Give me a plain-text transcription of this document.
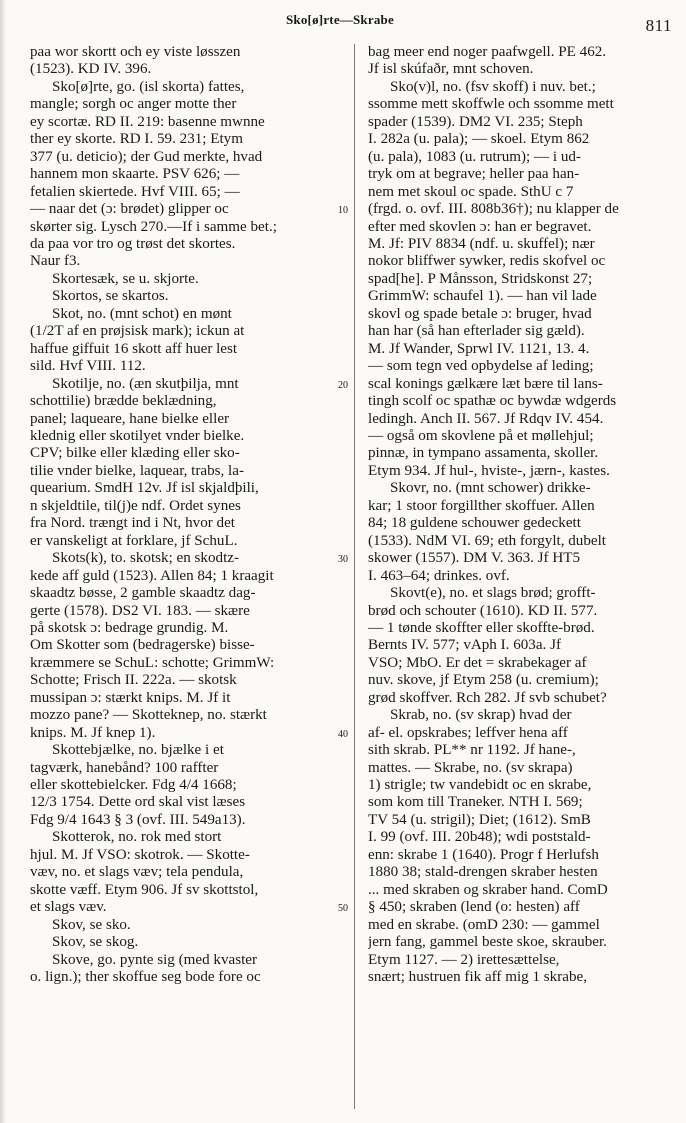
Sko[ø]rte—Skrabe	811
paa wor skortt och ey viste løsszen
(1523). KD IV. 396.
Sko[ø]rte, go. (isl skorta) fattes,
mangle; sorgh oc anger motte ther
ey scortæ. RD II. 219: basenne mwnne
ther ey skorte. RD I. 59. 231; Etym
377 (u. deticio); der Gud merkte, hvad
hannem mon skaarte. PSV 626; —
fetalien skiertede. Hvf VIII. 65; —
— naar det (ɔ: brødet) glipper oc
skørter sig. Lysch 270.—If i samme bet.;
da paa vor tro og trøst det skortes.
Naur f3.
Skortesæk, se u. skjorte.
Skortos, se skartos.
Skot, no. (mnt schot) en mønt
(1/2T af en prøjsisk mark); ickun at
haffue giffuit 16 skott aff huer lest
sild. Hvf VIII. 112.
Skotilje, no. (æn skutþilja, mnt
schottilie) brædde beklædning,
panel; laqueare, hane bielke eller
klednig eller skotilyet vnder bielke.
CPV; bilke eller klæding eller sko-
tilie vnder bielke, laquear, trabs, la-
quearium. SmdH 12v. Jf isl skjaldþili,
n skjeldtile, til(j)e ndf. Ordet synes
fra Nord. trængt ind i Nt, hvor det
er vanskeligt at forklare, jf SchuL.
Skots(k), to. skotsk; en skodtz-
kede aff guld (1523). Allen 84; 1 kraagit
skaadtz bøsse, 2 gamble skaadtz dag-
gerte (1578). DS2 VI. 183. — skære
på skotsk ɔ: bedrage grundig. M.
Om Skotter som (bedragerske) bisse-
kræmmere se SchuL: schotte; GrimmW:
Schotte; Frisch II. 222a. — skotsk
mussipan ɔ: stærkt knips. M. Jf it
mozzo pane? — Skotteknep, no. stærkt
knips. M. Jf knep 1).
Skottebjælke, no. bjælke i et
tagværk, hanebånd? 100 raffter
eller skottebielcker. Fdg 4/4 1668;
12/3 1754. Dette ord skal vist læses
Fdg 9/4 1643 § 3 (ovf. III. 549a13).
Skotterok, no. rok med stort
hjul. M. Jf VSO: skotrok. — Skotte-
væv, no. et slags væv; tela pendula,
skotte væff. Etym 906. Jf sv skottstol,
et slags væv.
Skov, se sko.
Skov, se skog.
Skove, go. pynte sig (med kvaster
o. lign.); ther skoffue seg bode fore oc
10
20
30
40
50
bag meer end noger paafwgell. PE 462.
Jf isl skúfaðr, mnt schoven.
Sko(v)l, no. (fsv skoff) i nuv. bet.;
ssomme mett skoffwle och ssomme mett
spader (1539). DM2 VI. 235; Steph
I. 282a (u. pala); — skoel. Etym 862
(u. pala), 1083 (u. rutrum); — i ud-
tryk om at begrave; heller paa han-
nem met skoul oc spade. SthU c 7
(frgd. o. ovf. III. 808b36†); nu klapper de
efter med skovlen ɔ: han er begravet.
M. Jf: PIV 8834 (ndf. u. skuffel); nær
nokor bliffwer sywker, redis skofvel oc
spad[he]. P Månsson, Stridskonst 27;
GrimmW: schaufel 1). — han vil lade
skovl og spade betale ɔ: bruger, hvad
han har (så han efterlader sig gæld).
M. Jf Wander, Sprwl IV. 1121, 13. 4.
— som tegn ved opbydelse af leding;
scal konings gælkære læt bære til lans-
tingh scolf oc spathæ oc bywdæ wdgerds
ledingh. Anch II. 567. Jf Rdqv IV. 454.
— også om skovlene på et møllehjul;
pinnæ, in tympano assamenta, skoller.
Etym 934. Jf hul-, hviste-, jærn-, kastes.
Skovr, no. (mnt schower) drikke-
kar; 1 stoor forgillther skoffuer. Allen
84; 18 guldene schouwer gedeckett
(1533). NdM VI. 69; eth forgylt, dubelt
skower (1557). DM V. 363. Jf HT5
I. 463–64; drinkes. ovf.
Skovt(e), no. et slags brød; grofft-
brød och schouter (1610). KD II. 577.
— 1 tønde skoffter eller skoffte-brød.
Bernts IV. 577; vAph I. 603a. Jf
VSO; MbO. Er det = skrabekager af
nuv. skove, jf Etym 258 (u. cremium);
grød skoffver. Rch 282. Jf svb schubet?
Skrab, no. (sv skrap) hvad der
af- el. opskrabes; leffver hena aff
sith skrab. PL** nr 1192. Jf hane-,
mattes. — Skrabe, no. (sv skrapa)
1) strigle; tw vandebidt oc en skrabe,
som kom till Traneker. NTH I. 569;
TV 54 (u. strigil); Diet; (1612). SmB
I. 99 (ovf. III. 20b48); wdi poststald-
enn: skrabe 1 (1640). Progr f Herlufsh
1880 38; stald-drengen skraber hesten
... med skraben og skraber hand. ComD
§ 450; skraben (lend (o: hesten) aff
med en skrabe. (omD 230: — gammel
jern fang, gammel beste skoe, skrauber.
Etym 1127. — 2) irettesættelse,
snært; hustruen fik aff mig 1 skrabe,
